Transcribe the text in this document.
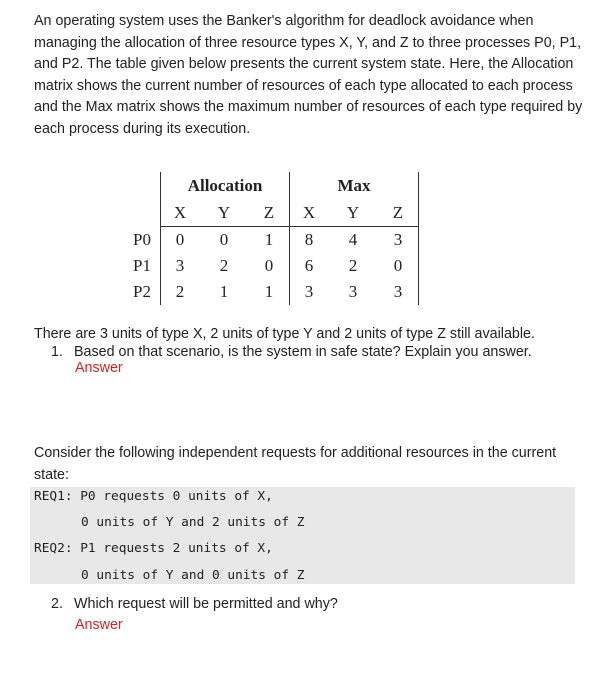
An operating system uses the Banker's algorithm for deadlock avoidance when managing the allocation of three resource types X, Y, and Z to three processes P0, P1, and P2. The table given below presents the current system state. Here, the Allocation matrix shows the current number of resources of each type allocated to each process and the Max matrix shows the maximum number of resources of each type required by each process during its execution.

	Allocation			Max		
	X	Y	Z	X	Y	Z
P0	0	0	1	8	4	3
P1	3	2	0	6	2	0
P2	2	1	1	3	3	3
There are 3 units of type X, 2 units of type Y and 2 units of type Z still available.
1. Based on that scenario, is the system in safe state? Explain you answer.
Answer

Consider the following independent requests for additional resources in the current state:

REQ1: P0 requests 0 units of X,
0 units of Y and 2 units of Z
REQ2: P1 requests 2 units of X,
0 units of Y and 0 units of Z
2. Which request will be permitted and why?
Answer
